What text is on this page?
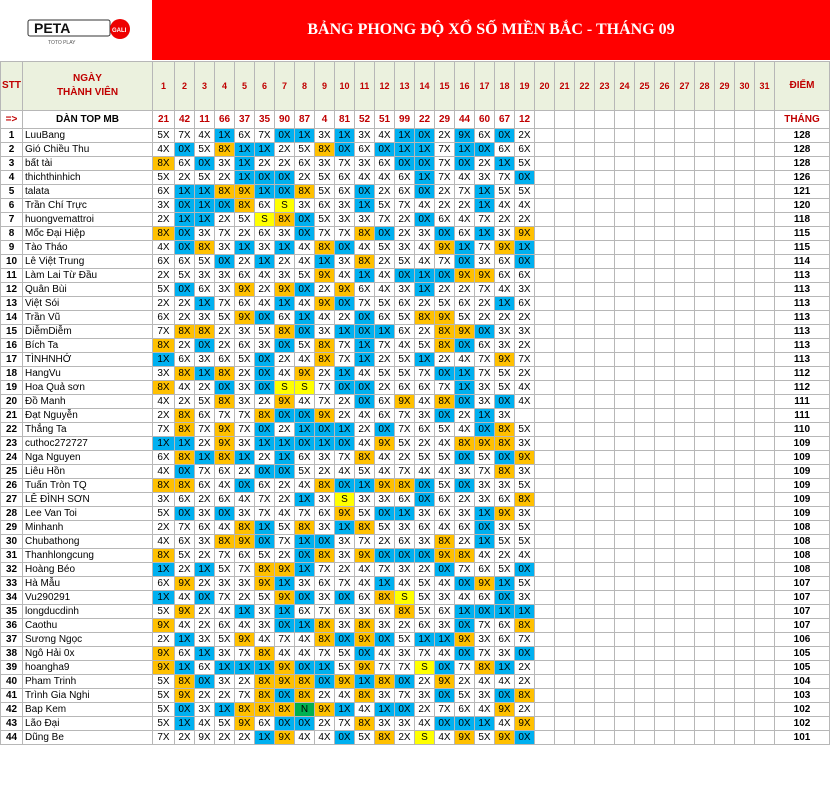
PETA	GALI
TOTO PLAY
BẢNG PHONG ĐỘ XỔ SỐ MIỀN BẮC - THÁNG 09
STT	NGÀY
THÀNH VIÊN	1	2	3	4	5	6	7	8	9	10	11	12	13	14	15	16	17	18	19	20	21	22	23	24	25	26	27	28	29	30	31	ĐIỂM
=>	DÀN TOP MB	21	42	11	66	37	35	90	87	4	81	52	51	99	22	29	44	60	67	12													THÁNG
1	LuuBang	5X	7X	4X	1X	6X	7X	0X	1X	3X	1X	3X	4X	1X	0X	2X	9X	6X	0X	2X													128
2	Gió Chiều Thu	4X	0X	5X	8X	1X	1X	2X	5X	8X	0X	6X	0X	1X	1X	7X	1X	0X	6X	6X													128
3	bất tài	8X	6X	0X	3X	1X	2X	2X	6X	3X	7X	3X	6X	0X	0X	7X	0X	2X	1X	5X													128
4	thichthinhich	5X	2X	5X	2X	1X	0X	0X	2X	5X	6X	4X	4X	6X	1X	7X	4X	3X	7X	0X													126
5	talata	6X	1X	1X	8X	9X	1X	0X	8X	5X	6X	0X	2X	6X	0X	2X	7X	1X	5X	5X													121
6	Trần Chí Trực	3X	0X	1X	0X	8X	6X	S	3X	6X	3X	1X	5X	7X	4X	2X	2X	1X	4X	4X													120
7	huongvemattroi	2X	1X	1X	2X	5X	S	8X	0X	5X	3X	3X	7X	2X	0X	6X	4X	7X	2X	2X													118
8	Mốc Đại Hiệp	8X	0X	3X	7X	2X	6X	3X	0X	7X	7X	8X	0X	2X	3X	0X	6X	1X	3X	9X													115
9	Tào Tháo	4X	0X	8X	3X	1X	3X	1X	4X	8X	0X	4X	5X	3X	4X	9X	1X	7X	9X	1X													115
10	Lê Việt Trung	6X	6X	5X	0X	2X	1X	2X	4X	1X	3X	8X	2X	5X	4X	7X	0X	3X	6X	0X													114
11	Làm Lai Từ Đầu	2X	5X	3X	3X	6X	4X	3X	5X	9X	4X	1X	4X	0X	1X	0X	9X	9X	6X	6X													113
12	Quân Bùi	5X	0X	6X	3X	9X	2X	9X	0X	2X	9X	6X	4X	3X	1X	2X	2X	7X	4X	3X													113
13	Việt Sói	2X	2X	1X	7X	6X	4X	1X	4X	9X	0X	7X	5X	6X	2X	5X	6X	2X	1X	6X													113
14	Trần Vũ	6X	2X	3X	5X	9X	0X	6X	1X	4X	2X	0X	6X	5X	8X	9X	5X	2X	2X	2X													113
15	DiễmDiễm	7X	8X	8X	2X	3X	5X	8X	0X	3X	1X	0X	1X	6X	2X	8X	9X	0X	3X	3X													113
16	Bích Ta	8X	2X	0X	2X	6X	3X	0X	5X	8X	7X	1X	7X	4X	5X	8X	0X	6X	3X	2X													113
17	TÌNHNHỚ	1X	6X	3X	6X	5X	0X	2X	4X	8X	7X	1X	2X	5X	1X	2X	4X	7X	9X	7X													113
18	HangVu	3X	8X	1X	8X	2X	0X	4X	9X	2X	1X	4X	5X	5X	7X	0X	1X	7X	5X	2X													112
19	Hoa Quả sơn	8X	4X	2X	0X	3X	0X	S	S	7X	0X	0X	2X	6X	6X	7X	1X	3X	5X	4X													112
20	Đồ Manh	4X	2X	5X	8X	3X	2X	9X	4X	7X	2X	0X	6X	9X	4X	8X	0X	3X	0X	4X													111
21	Đạt Nguyễn	2X	8X	6X	7X	7X	8X	0X	0X	9X	2X	4X	6X	7X	3X	0X	2X	1X	3X														111
22	Thắng Ta	7X	8X	7X	9X	7X	0X	2X	1X	0X	1X	2X	0X	7X	6X	5X	4X	0X	8X	5X													110
23	cuthoc272727	1X	1X	2X	9X	3X	1X	1X	0X	1X	0X	4X	9X	5X	2X	4X	8X	9X	8X	3X													109
24	Nga Nguyen	6X	8X	1X	8X	1X	2X	1X	6X	3X	7X	8X	4X	2X	5X	5X	0X	5X	0X	9X													109
25	Liêu Hồn	4X	0X	7X	6X	2X	0X	0X	5X	2X	4X	5X	4X	7X	4X	4X	3X	7X	8X	3X													109
26	Tuấn Tròn TQ	8X	8X	6X	4X	0X	6X	2X	4X	8X	0X	1X	9X	8X	0X	5X	0X	3X	3X	5X													109
27	LÊ ĐÌNH SƠN	3X	6X	2X	6X	4X	7X	2X	1X	3X	S	3X	3X	6X	0X	6X	2X	3X	6X	8X													109
28	Lee Van Toi	5X	0X	3X	0X	3X	7X	4X	7X	6X	9X	5X	0X	1X	3X	6X	3X	1X	9X	3X													109
29	Minhanh	2X	7X	6X	4X	8X	1X	5X	8X	3X	1X	8X	5X	3X	6X	4X	6X	0X	3X	5X													108
30	Chubathong	4X	6X	3X	8X	9X	0X	7X	1X	0X	3X	7X	2X	6X	3X	8X	2X	1X	5X	5X													108
31	Thanhlongcung	8X	5X	2X	7X	6X	5X	2X	0X	8X	3X	9X	0X	0X	0X	9X	8X	4X	2X	4X													108
32	Hoàng Béo	1X	2X	1X	5X	7X	8X	9X	1X	7X	2X	4X	7X	3X	2X	0X	7X	6X	5X	0X													108
33	Hà Mẫu	6X	9X	2X	3X	3X	9X	1X	3X	6X	7X	4X	1X	4X	5X	4X	0X	9X	1X	5X													107
34	Vu290291	1X	4X	0X	7X	2X	5X	9X	0X	3X	0X	6X	8X	S	5X	3X	4X	6X	0X	3X													107
35	longducdinh	5X	9X	2X	4X	1X	3X	1X	6X	7X	6X	3X	6X	8X	5X	6X	1X	0X	1X	1X													107
36	Caothu	9X	4X	2X	6X	4X	3X	0X	1X	8X	3X	8X	3X	2X	6X	3X	0X	7X	6X	8X													107
37	Sương Ngọc	2X	1X	3X	5X	9X	4X	7X	4X	8X	0X	9X	0X	5X	1X	1X	9X	3X	6X	7X													106
38	Ngô Hải 0x	9X	6X	1X	3X	7X	8X	4X	4X	7X	5X	0X	4X	3X	7X	4X	0X	7X	3X	0X													105
39	hoangha9	9X	1X	6X	1X	1X	1X	9X	0X	1X	5X	9X	7X	7X	S	0X	7X	8X	1X	2X													105
40	Pham Trinh	5X	8X	0X	3X	2X	8X	9X	8X	0X	9X	1X	8X	0X	2X	9X	2X	4X	4X	2X													104
41	Trình Gia Nghi	5X	9X	2X	2X	7X	8X	0X	8X	2X	4X	8X	3X	7X	3X	0X	5X	3X	0X	8X													103
42	Bap Kem	5X	0X	3X	1X	8X	8X	8X	N	9X	1X	4X	1X	0X	2X	7X	6X	4X	9X	2X													102
43	Lão Đại	5X	1X	4X	5X	9X	6X	0X	0X	2X	7X	8X	3X	3X	4X	0X	0X	1X	4X	9X													102
44	Dũng Be	7X	2X	9X	2X	2X	1X	9X	4X	4X	0X	5X	8X	2X	S	4X	9X	5X	9X	0X													101
